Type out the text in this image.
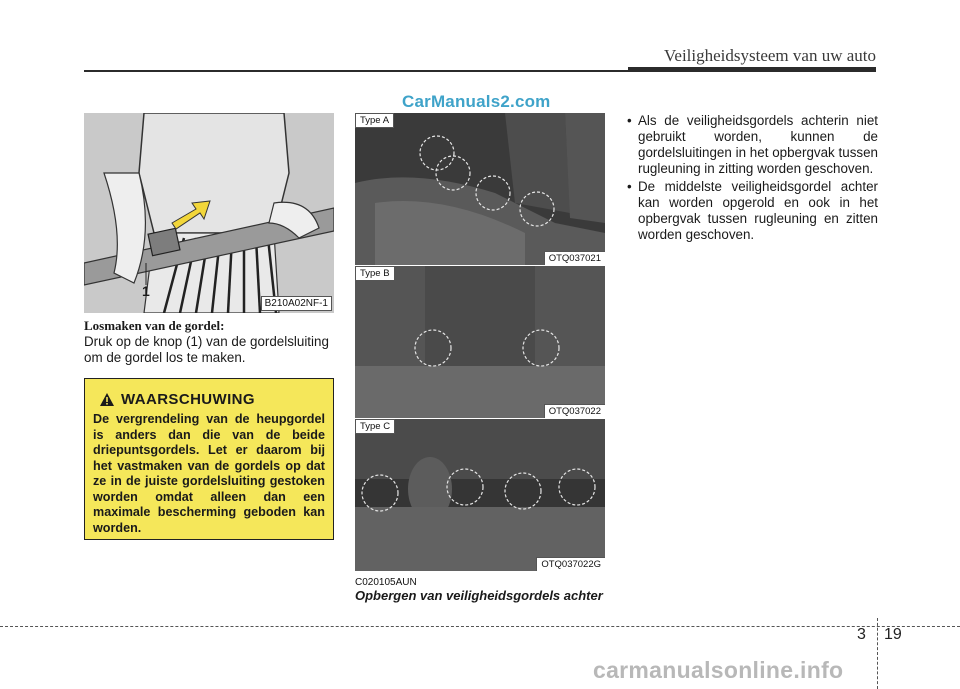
Veiligheidsysteem van uw auto
CarManuals2.com
1
B210A02NF-1
Losmaken van de gordel:
Druk op de knop (1) van de gordelsluiting om de gordel los te maken.
WAARSCHUWING
De vergrendeling van de heupgordel is anders dan die van de beide driepuntsgordels. Let er daarom bij het vastmaken van de gordels op dat ze in de juiste gordelsluiting gestoken worden omdat alleen dan een maximale bescherming geboden kan worden.
Type A
OTQ037021
Type B
OTQ037022
Type C
OTQ037022G
C020105AUN
Opbergen van veiligheidsgordels achter
• Als de veiligheidsgordels achterin niet gebruikt worden, kunnen de gordelsluitingen in het opbergvak tussen rugleuning in zitting worden geschoven.
• De middelste veiligheidsgordel achter kan worden opgerold en ook in het opbergvak tussen rugleuning en zitten worden geschoven.
3 19
carmanualsonline.info
